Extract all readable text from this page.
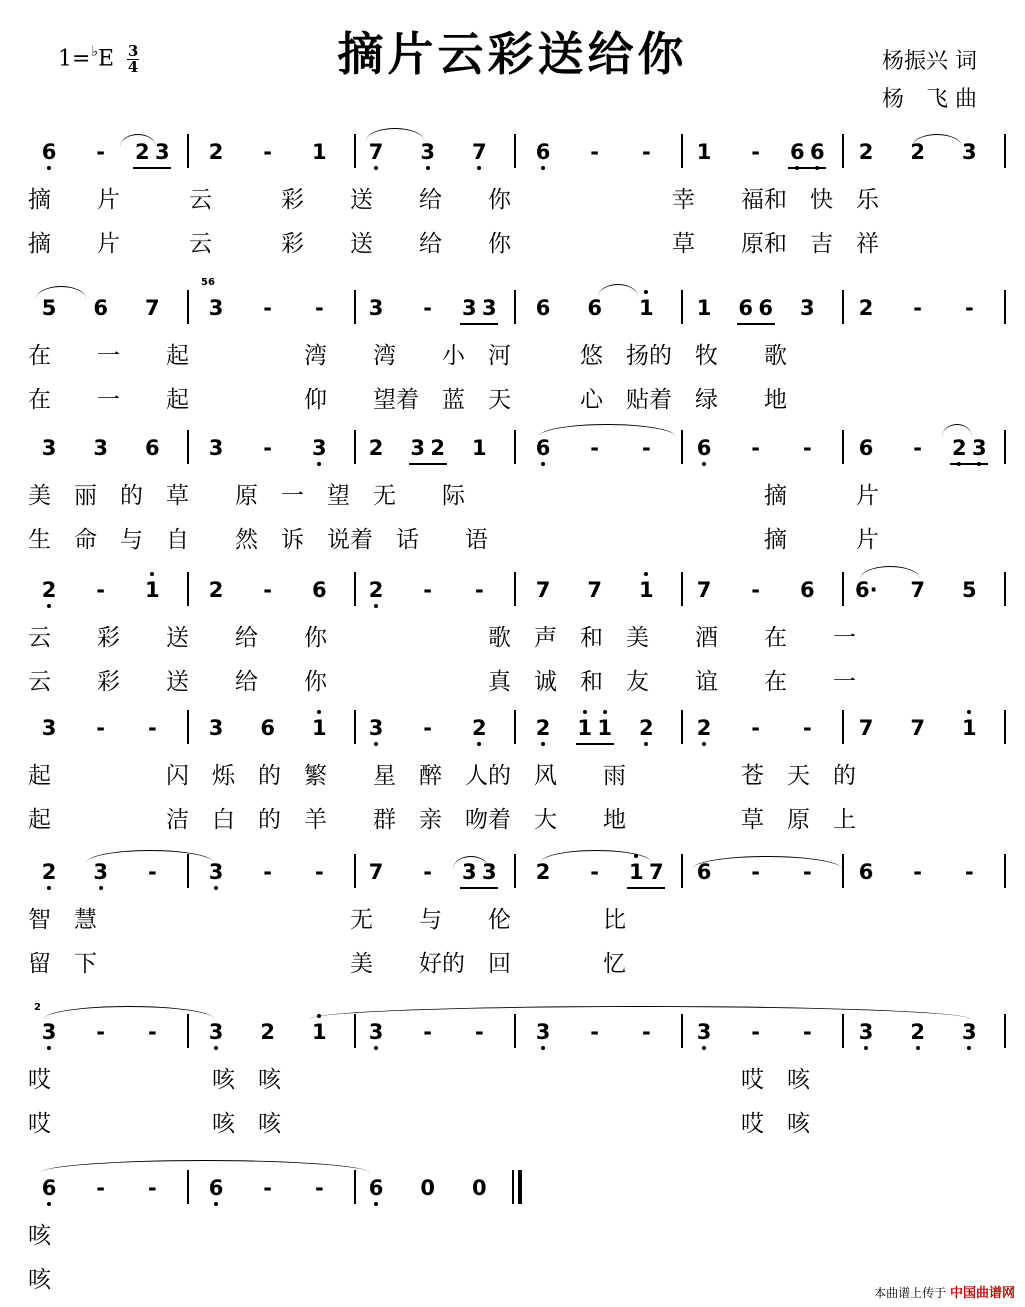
摘片云彩送给你
$1=^♭E \frac{3}{4}$	杨振兴 词
杨　飞 曲
6	-	2 3 2	-	1 7 3 7 6	-	-	1	-	6 6 2 2 3
摘　　片　　　云　　　彩　　送　　给　　你　　　　　　　幸　　福和　快　乐
摘　　片　　　云　　　彩　　送　　给　　你　　　　　　　草　　原和　吉　祥
5 6 7 3	-	-	3	-	3 3 6 6 1 1 6 6 3 2	-	-
在　　一　　起　　　　　湾　　湾　　小　河　　　悠　扬的　牧　　歌
在　　一　　起　　　　　仰　　望着　蓝　天　　　心　贴着　绿　　地
3 3 6 3	-	3 2 3 2 1 6	-	-	6	-	-	6	-	2 3
美　丽　的　草　　原　一　望　无　　际　　　　　　　　　　　　　摘　　　片
生　命　与　自　　然　诉　说着　话　　语　　　　　　　　　　　　摘　　　片
2	-	1 2	-	6 2	-	-	7 7 1 7	-	6 6· 7 5
云　　彩　　送　　给　　你　　　　　　　歌　声　和　美　　酒　　在　　一
云　　彩　　送　　给　　你　　　　　　　真　诚　和　友　　谊　　在　　一
3	-	-	3 6 1 3	-	2 2 1 1 2 2	-	-	7 7 1
起　　　　　闪　烁　的　繁　　星　醉　人的　风　　雨　　　　　苍　天　的
起　　　　　洁　白　的　羊　　群　亲　吻着　大　　地　　　　　草　原　上
2 3	-	3	-	-	7	-	3 3 2	-	1 7 6	-	-	6	-	-
智　慧　　　　　　　　　　　无　　与　　伦　　　　比
留　下　　　　　　　　　　　美　　好的　回　　　　忆
3	-	-	3 2 1 3	-	-	3	-	-	3	-	-	3 2 3
哎　　　　　　　咳　咳　　　　　　　　　　　　　　　　　　　　哎　咳
哎　　　　　　　咳　咳　　　　　　　　　　　　　　　　　　　　哎　咳
6	-	-	6	-	-	6 0 0
咳
咳
56
2
本曲谱上传于 中国曲谱网
